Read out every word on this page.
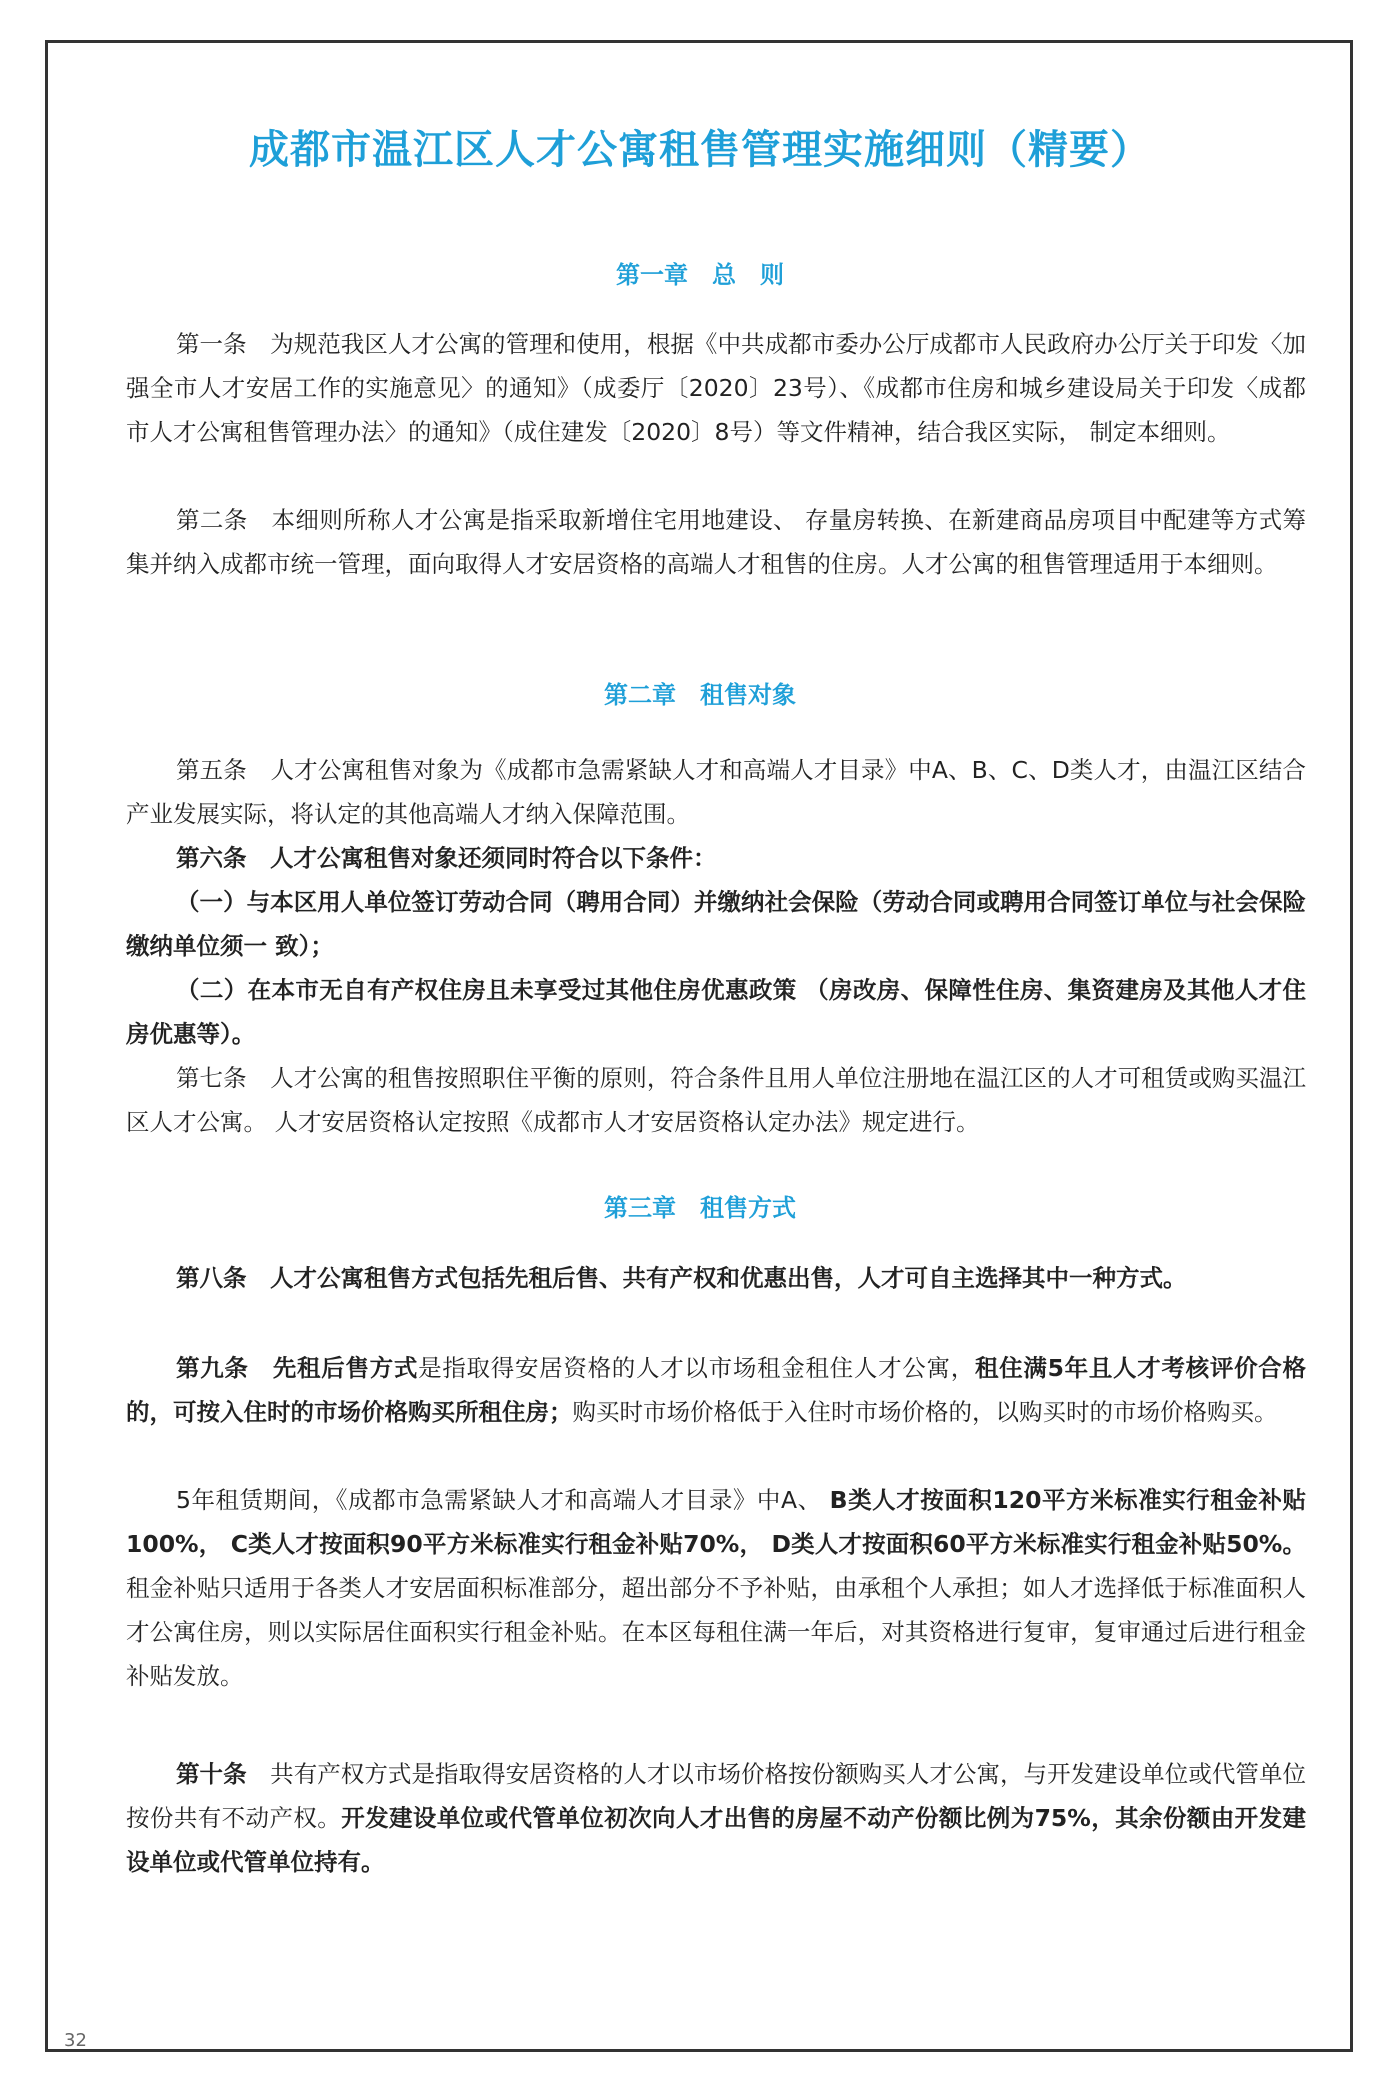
成都市温江区人才公寓租售管理实施细则（精要）
第一章　总　则

第一条　为规范我区人才公寓的管理和使用，根据《中共成都市委办公厅成都市人民政府办公厅关于印发〈加强全市人才安居工作的实施意见〉的通知》（成委厅〔2020〕23号）、《成都市住房和城乡建设局关于印发〈成都市人才公寓租售管理办法〉的通知》（成住建发〔2020〕8号）等文件精神，结合我区实际， 制定本细则。

第二条　本细则所称人才公寓是指采取新增住宅用地建设、 存量房转换、在新建商品房项目中配建等方式筹集并纳入成都市统一管理，面向取得人才安居资格的高端人才租售的住房。人才公寓的租售管理适用于本细则。

第二章　租售对象

第五条　人才公寓租售对象为《成都市急需紧缺人才和高端人才目录》中A、B、C、D类人才，由温江区结合产业发展实际，将认定的其他高端人才纳入保障范围。

第六条　人才公寓租售对象还须同时符合以下条件：

（一）与本区用人单位签订劳动合同（聘用合同）并缴纳社会保险（劳动合同或聘用合同签订单位与社会保险缴纳单位须一 致）；

（二）在本市无自有产权住房且未享受过其他住房优惠政策 （房改房、保障性住房、集资建房及其他人才住房优惠等）。

第七条　人才公寓的租售按照职住平衡的原则，符合条件且用人单位注册地在温江区的人才可租赁或购买温江区人才公寓。 人才安居资格认定按照《成都市人才安居资格认定办法》规定进行。

第三章　租售方式

第八条　人才公寓租售方式包括先租后售、共有产权和优惠出售，人才可自主选择其中一种方式。

第九条　先租后售方式是指取得安居资格的人才以市场租金租住人才公寓，租住满5年且人才考核评价合格的，可按入住时的市场价格购买所租住房；购买时市场价格低于入住时市场价格的，以购买时的市场价格购买。

5年租赁期间，《成都市急需紧缺人才和高端人才目录》中A、 B类人才按面积120平方米标准实行租金补贴100%， C类人才按面积90平方米标准实行租金补贴70%， D类人才按面积60平方米标准实行租金补贴50%。租金补贴只适用于各类人才安居面积标准部分，超出部分不予补贴，由承租个人承担；如人才选择低于标准面积人才公寓住房，则以实际居住面积实行租金补贴。在本区每租住满一年后，对其资格进行复审，复审通过后进行租金补贴发放。

第十条　共有产权方式是指取得安居资格的人才以市场价格按份额购买人才公寓，与开发建设单位或代管单位按份共有不动产权。开发建设单位或代管单位初次向人才出售的房屋不动产份额比例为75%，其余份额由开发建设单位或代管单位持有。

32
